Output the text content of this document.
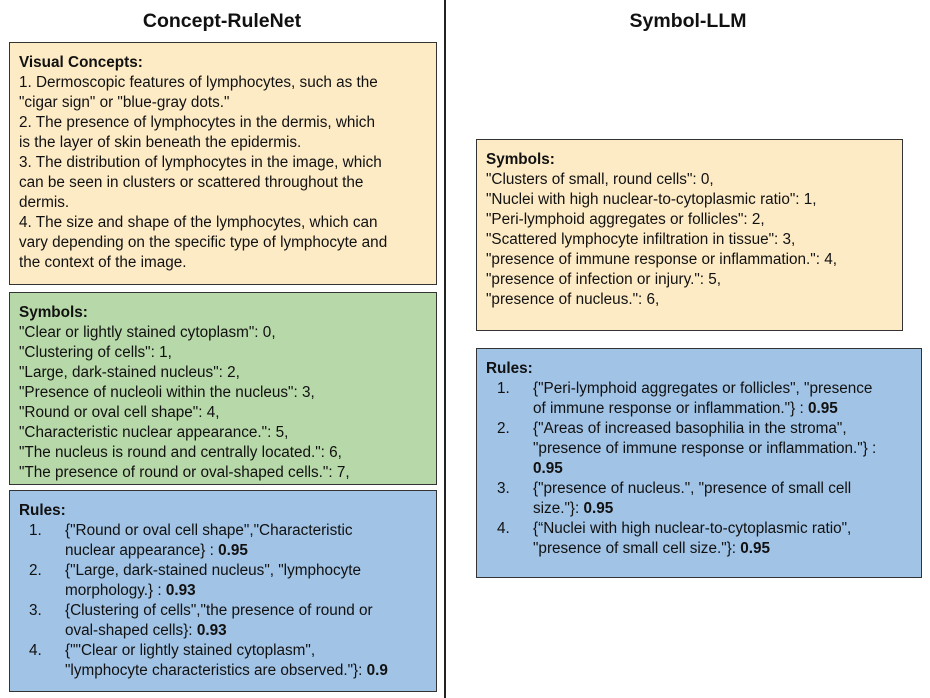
Concept-RuleNet
Visual Concepts:
1. Dermoscopic features of lymphocytes, such as the
"cigar sign" or "blue-gray dots."
2. The presence of lymphocytes in the dermis, which
is the layer of skin beneath the epidermis.
3. The distribution of lymphocytes in the image, which
can be seen in clusters or scattered throughout the
dermis.
4. The size and shape of the lymphocytes, which can
vary depending on the specific type of lymphocyte and
the context of the image.
Symbols:
"Clear or lightly stained cytoplasm": 0,
"Clustering of cells": 1,
"Large, dark-stained nucleus": 2,
"Presence of nucleoli within the nucleus": 3,
"Round or oval cell shape": 4,
"Characteristic nuclear appearance.": 5,
"The nucleus is round and centrally located.": 6,
"The presence of round or oval-shaped cells.": 7,
Rules:
1.	{"Round or oval cell shape","Characteristic
nuclear appearance} : 0.95
2.	{"Large, dark-stained nucleus", "lymphocyte
morphology.} : 0.93
3.	{Clustering of cells","the presence of round or
oval-shaped cells}: 0.93
4.	{""Clear or lightly stained cytoplasm",
"lymphocyte characteristics are observed."}: 0.9
Symbol-LLM
Symbols:
"Clusters of small, round cells": 0,
"Nuclei with high nuclear-to-cytoplasmic ratio": 1,
"Peri-lymphoid aggregates or follicles": 2,
"Scattered lymphocyte infiltration in tissue": 3,
"presence of immune response or inflammation.": 4,
"presence of infection or injury.": 5,
"presence of nucleus.": 6,
Rules:
1.	{"Peri-lymphoid aggregates or follicles", "presence
of immune response or inflammation."} : 0.95
2.	{"Areas of increased basophilia in the stroma",
"presence of immune response or inflammation."} :
0.95
3.	{"presence of nucleus.", "presence of small cell
size."}: 0.95
4.	{“Nuclei with high nuclear-to-cytoplasmic ratio",
"presence of small cell size."}: 0.95
